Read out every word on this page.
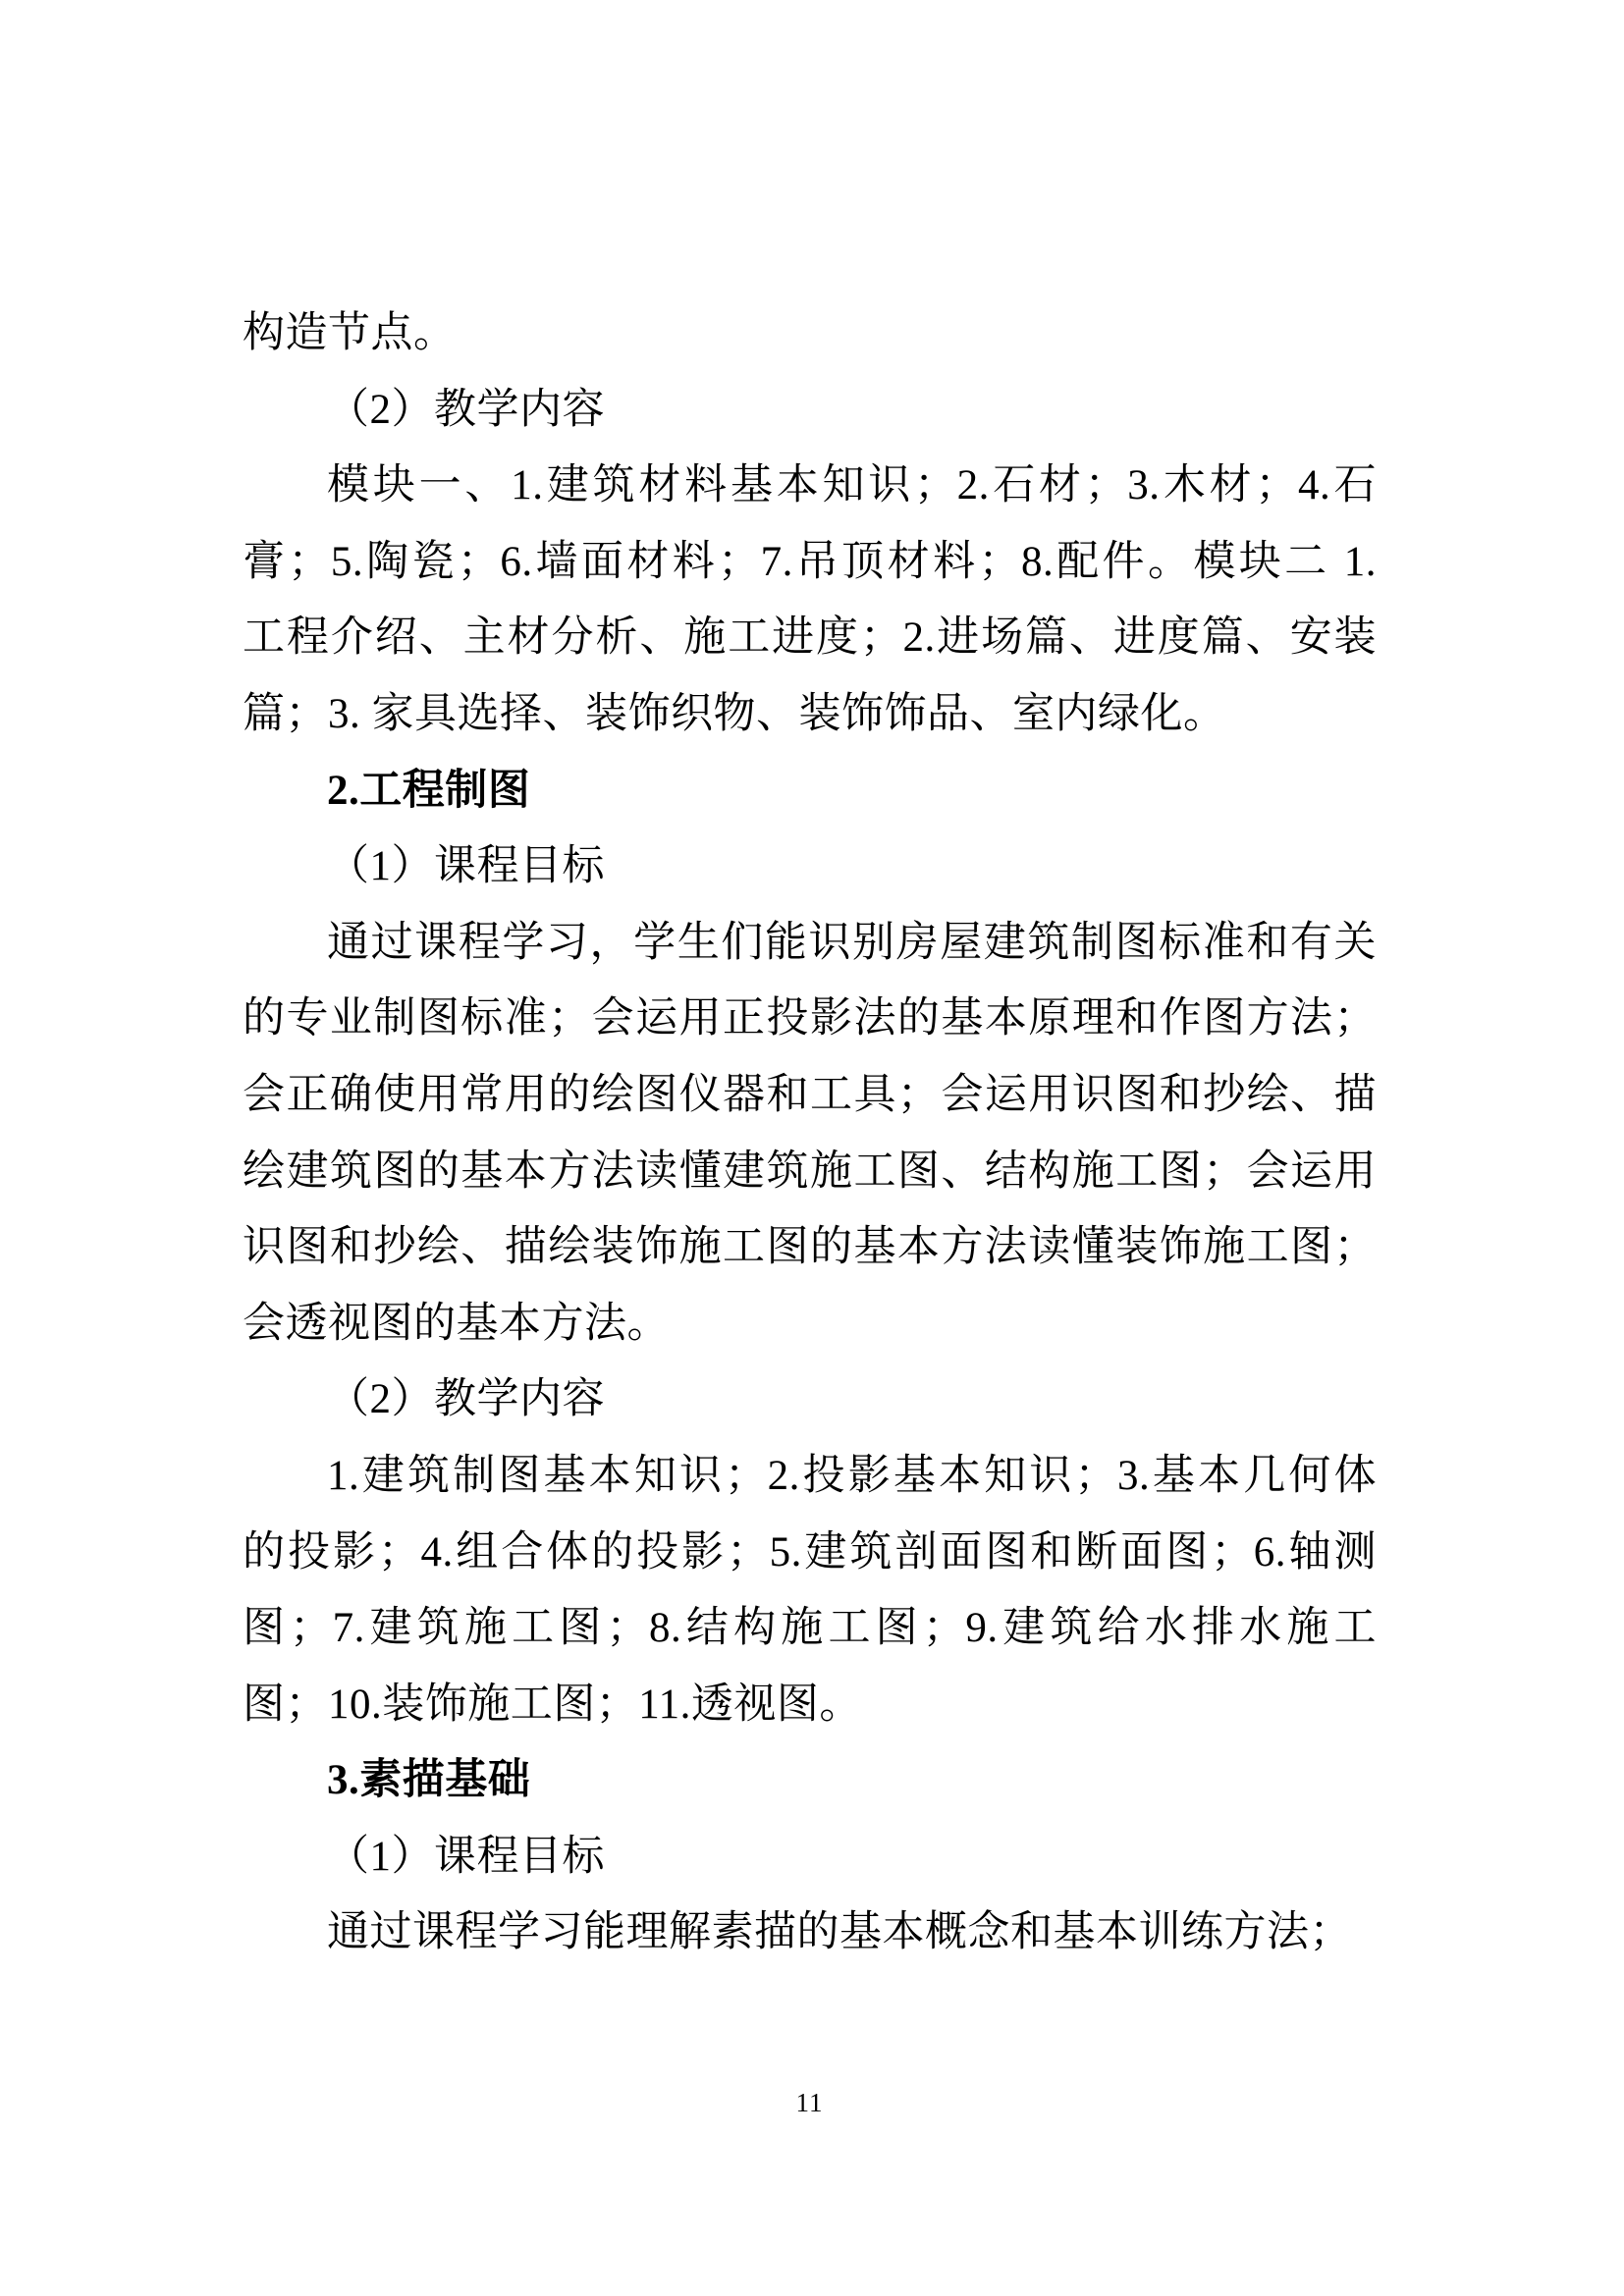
构造节点。
（2）教学内容
模块一、1.建筑材料基本知识；2.石材；3.木材；4.石
膏；5.陶瓷；6.墙面材料；7.吊顶材料；8.配件。模块二 1.
工程介绍、主材分析、施工进度；2.进场篇、进度篇、安装
篇；3. 家具选择、装饰织物、装饰饰品、室内绿化。
2.工程制图
（1）课程目标
通过课程学习，学生们能识别房屋建筑制图标准和有关
的专业制图标准；会运用正投影法的基本原理和作图方法；
会正确使用常用的绘图仪器和工具；会运用识图和抄绘、描
绘建筑图的基本方法读懂建筑施工图、结构施工图；会运用
识图和抄绘、描绘装饰施工图的基本方法读懂装饰施工图；
会透视图的基本方法。
（2）教学内容
1.建筑制图基本知识；2.投影基本知识；3.基本几何体
的投影；4.组合体的投影；5.建筑剖面图和断面图；6.轴测
图；7.建筑施工图；8.结构施工图；9.建筑给水排水施工
图；10.装饰施工图；11.透视图。
3.素描基础
（1）课程目标
通过课程学习能理解素描的基本概念和基本训练方法；
11
